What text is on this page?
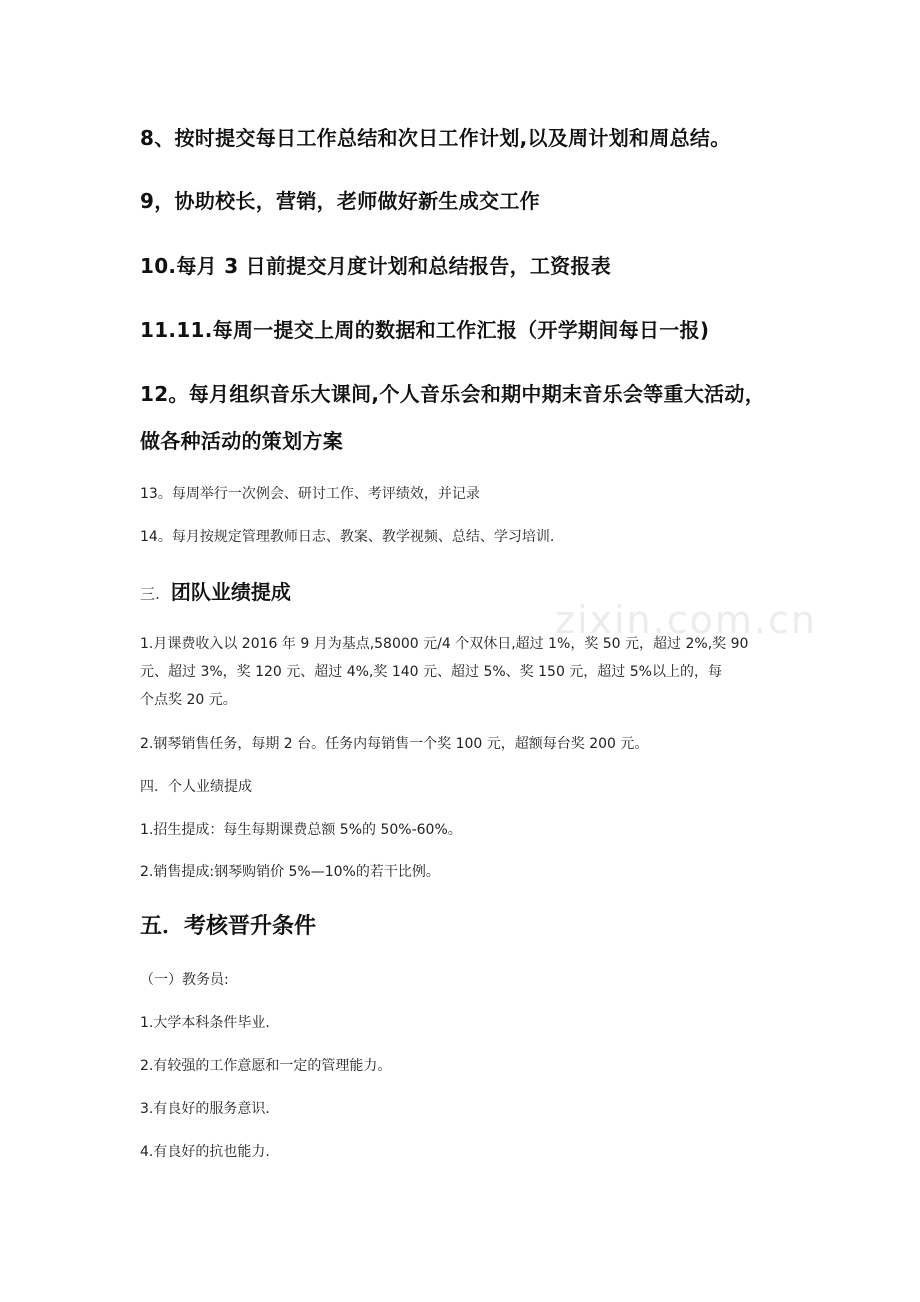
8、按时提交每日工作总结和次日工作计划,以及周计划和周总结。
9，协助校长，营销，老师做好新生成交工作
10.每月 3 日前提交月度计划和总结报告，工资报表
11.11.每周一提交上周的数据和工作汇报（开学期间每日一报)
12。每月组织音乐大课间,个人音乐会和期中期末音乐会等重大活动，
做各种活动的策划方案
13。每周举行一次例会、研讨工作、考评绩效，并记录
14。每月按规定管理教师日志、教案、教学视频、总结、学习培训.
三. 团队业绩提成
zixin.com.cn
1.月课费收入以 2016 年 9 月为基点,58000 元/4 个双休日,超过 1%，奖 50 元，超过 2%,奖 90
元、超过 3%，奖 120 元、超过 4%,奖 140 元、超过 5%、奖 150 元，超过 5%以上的，每
个点奖 20 元。
2.钢琴销售任务，每期 2 台。任务内每销售一个奖 100 元，超额每台奖 200 元。
四．个人业绩提成
1.招生提成：每生每期课费总额 5%的 50%-60%。
2.销售提成:钢琴购销价 5%—10%的若干比例。
五．考核晋升条件
（一）教务员:
1.大学本科条件毕业.
2.有较强的工作意愿和一定的管理能力。
3.有良好的服务意识.
4.有良好的抗也能力.
